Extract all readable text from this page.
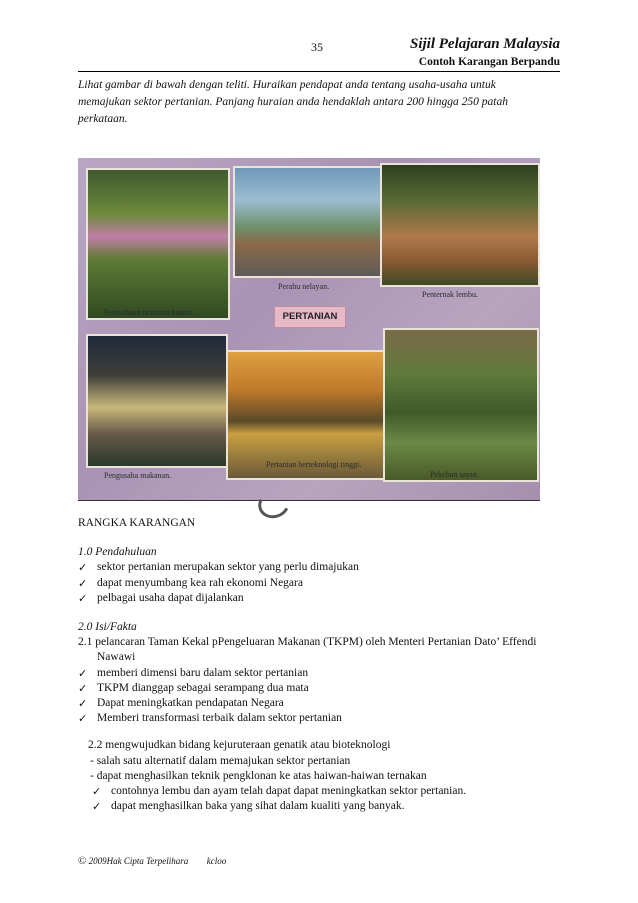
35	Sijil Pelajaran Malaysia
Contoh Karangan Berpandu
Lihat gambar di bawah dengan teliti. Huraikan pendapat anda tentang usaha-usaha untuk memajukan sektor pertanian. Panjang huraian anda hendaklah antara 200 hingga 250 patah perkataan.
Perusahaan tanaman hiasan.
Perahu nelayan.
Penternak lembu.
Pengusaha makanan.
Pertanian berteknologi tinggi.
Pekebun sayur.
PERTANIAN

RANGKA KARANGAN

1.0 Pendahuluan

✓ sektor pertanian merupakan sektor yang perlu dimajukan

✓ dapat menyumbang kea rah ekonomi Negara

✓ pelbagai usaha dapat dijalankan

2.0 Isi/Fakta

2.1 pelancaran Taman Kekal pPengeluaran Makanan (TKPM) oleh Menteri Pertanian Dato’ Effendi

Nawawi

✓ memberi dimensi baru dalam sektor pertanian

✓ TKPM dianggap sebagai serampang dua mata

✓ Dapat meningkatkan pendapatan Negara

✓ Memberi transformasi terbaik dalam sektor pertanian

2.2 mengwujudkan bidang kejuruteraan genatik atau bioteknologi

- salah satu alternatif dalam memajukan sektor pertanian

- dapat menghasilkan teknik pengklonan ke atas haiwan-haiwan ternakan

✓ contohnya lembu dan ayam telah dapat dapat meningkatkan sektor pertanian.

✓ dapat menghasilkan baka yang sihat dalam kualiti yang banyak.

© 2009Hak Cipta Terpelihara kcloo
